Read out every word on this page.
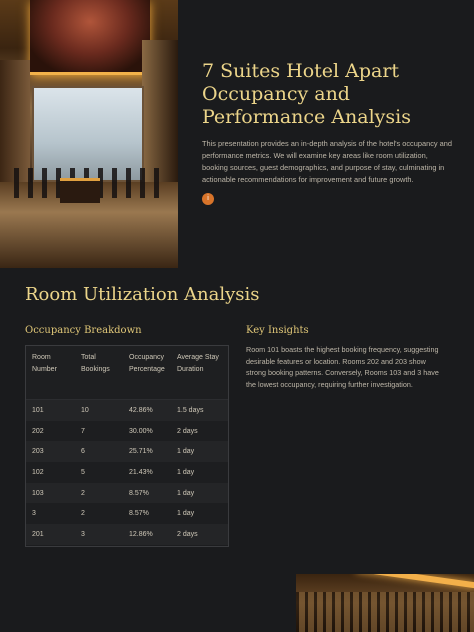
7 Suites Hotel Apart Occupancy and Performance Analysis

This presentation provides an in-depth analysis of the hotel's occupancy and performance metrics. We will examine key areas like room utilization, booking sources, guest demographics, and purpose of stay, culminating in actionable recommendations for improvement and future growth.

i
Room Utilization Analysis
Occupancy Breakdown	Key Insights

Room 101 boasts the highest booking frequency, suggesting desirable features or location. Rooms 202 and 203 show strong booking patterns. Conversely, Rooms 103 and 3 have the lowest occupancy, requiring further investigation.

Room Number	Total Bookings	Occupancy Percentage	Average Stay Duration
101	10	42.86%	1.5 days
202	7	30.00%	2 days
203	6	25.71%	1 day
102	5	21.43%	1 day
103	2	8.57%	1 day
3	2	8.57%	1 day
201	3	12.86%	2 days
